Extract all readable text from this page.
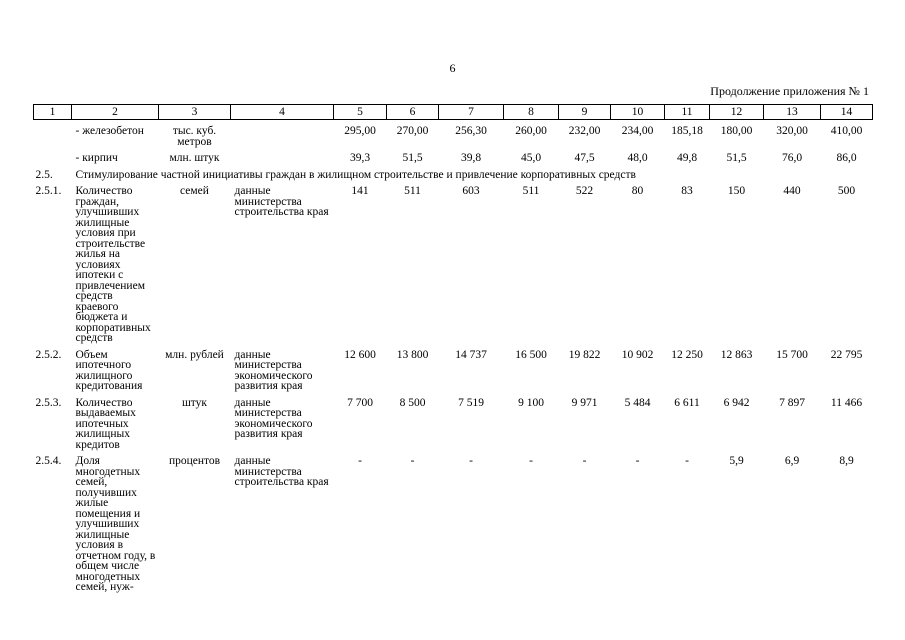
6
Продолжение приложения № 1
1	2	3	4	5	6	7	8	9	10	11	12	13	14

	- железобетон	тыс. куб. метров		295,00	270,00	256,30	260,00	232,00	234,00	185,18	180,00	320,00	410,00

	- кирпич	млн. штук		39,3	51,5	39,8	45,0	47,5	48,0	49,8	51,5	76,0	86,0

2.5.	Стимулирование частной инициативы граждан в жилищном строительстве и привлечение корпоративных средств												

2.5.1.	Количество граждан, улучшивших жилищные условия при строительстве жилья на условиях ипотеки с привлечением средств краевого бюджета и корпоративных средств	семей	данные министерства строительства края	141	511	603	511	522	80	83	150	440	500

2.5.2.	Объем ипотечного жилищного кредитования	млн. рублей	данные министерства экономического развития края	12 600	13 800	14 737	16 500	19 822	10 902	12 250	12 863	15 700	22 795

2.5.3.	Количество выдаваемых ипотечных жилищных кредитов	штук	данные министерства экономического развития края	7 700	8 500	7 519	9 100	9 971	5 484	6 611	6 942	7 897	11 466

2.5.4.	Доля многодетных семей, получивших жилые помещения и улучшивших жилищные условия в отчетном году, в общем числе многодетных семей, нуж-	процентов	данные министерства строительства края	-	-	-	-	-	-	-	5,9	6,9	8,9
